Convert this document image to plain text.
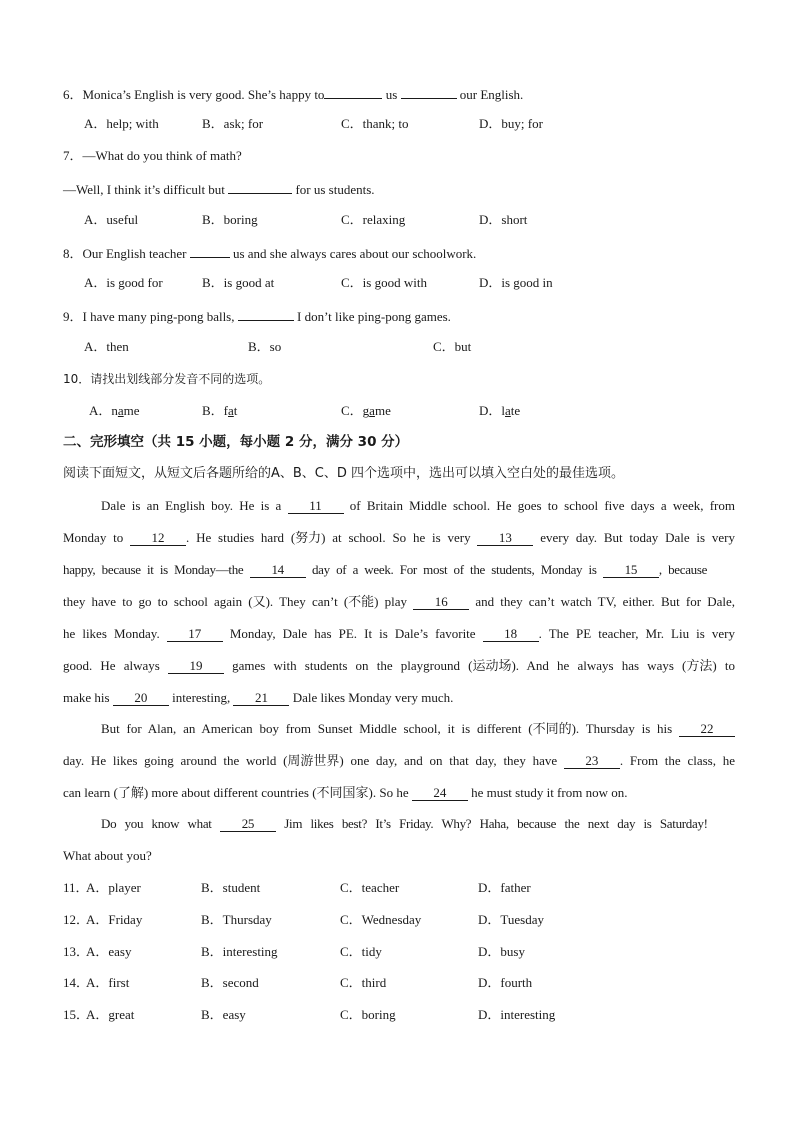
6．Monica’s English is very good. She’s happy to	us	our English.
A．help; with	B．ask; for	C．thank; to	D．buy; for
7．—What do you think of math?
—Well, I think it’s difficult but	for us students.
A．useful	B．boring	C．relaxing	D．short
8．Our English teacher	us and she always cares about our schoolwork.
A．is good for	B．is good at	C．is good with	D．is good in
9．I have many ping-pong balls,	I don’t like ping-pong games.
A．then	B．so	C．but
10．请找出划线部分发音不同的选项。
A．name	B．fat	C．game	D．late
二、完形填空（共 15 小题，每小题 2 分，满分 30 分）
阅读下面短文，从短文后各题所给的A、B、C、D 四个选项中，选出可以填入空白处的最佳选项。
Dale is an English boy. He is a 11 of Britain Middle school. He goes to school five days a week, from
Monday to 12 . He studies hard (努力) at school. So he is very 13 every day. But today Dale is very
happy, because it is Monday—the 14 day of a week. For most of the students, Monday is 15 , because
they have to go to school again (又). They can’t (不能) play 16 and they can’t watch TV, either. But for Dale,
he likes Monday. 17 Monday, Dale has PE. It is Dale’s favorite 18 . The PE teacher, Mr. Liu is very
good. He always 19 games with students on the playground (运动场). And he always has ways (方法) to
make his 20 interesting, 21 Dale likes Monday very much.
But for Alan, an American boy from Sunset Middle school, it is different (不同的). Thursday is his 22
day. He likes going around the world (周游世界) one day, and on that day, they have 23 . From the class, he
can learn (了解) more about different countries (不同国家). So he 24 he must study it from now on.
Do you know what 25 Jim likes best? It’s Friday. Why? Haha, because the next day is Saturday!
What about you?
11．
A．player	B．student	C．teacher	D．father
12．
A．Friday	B．Thursday	C．Wednesday	D．Tuesday
13．
A．easy	B．interesting	C．tidy	D．busy
14．
A．first	B．second	C．third	D．fourth
15．
A．great	B．easy	C．boring	D．interesting
